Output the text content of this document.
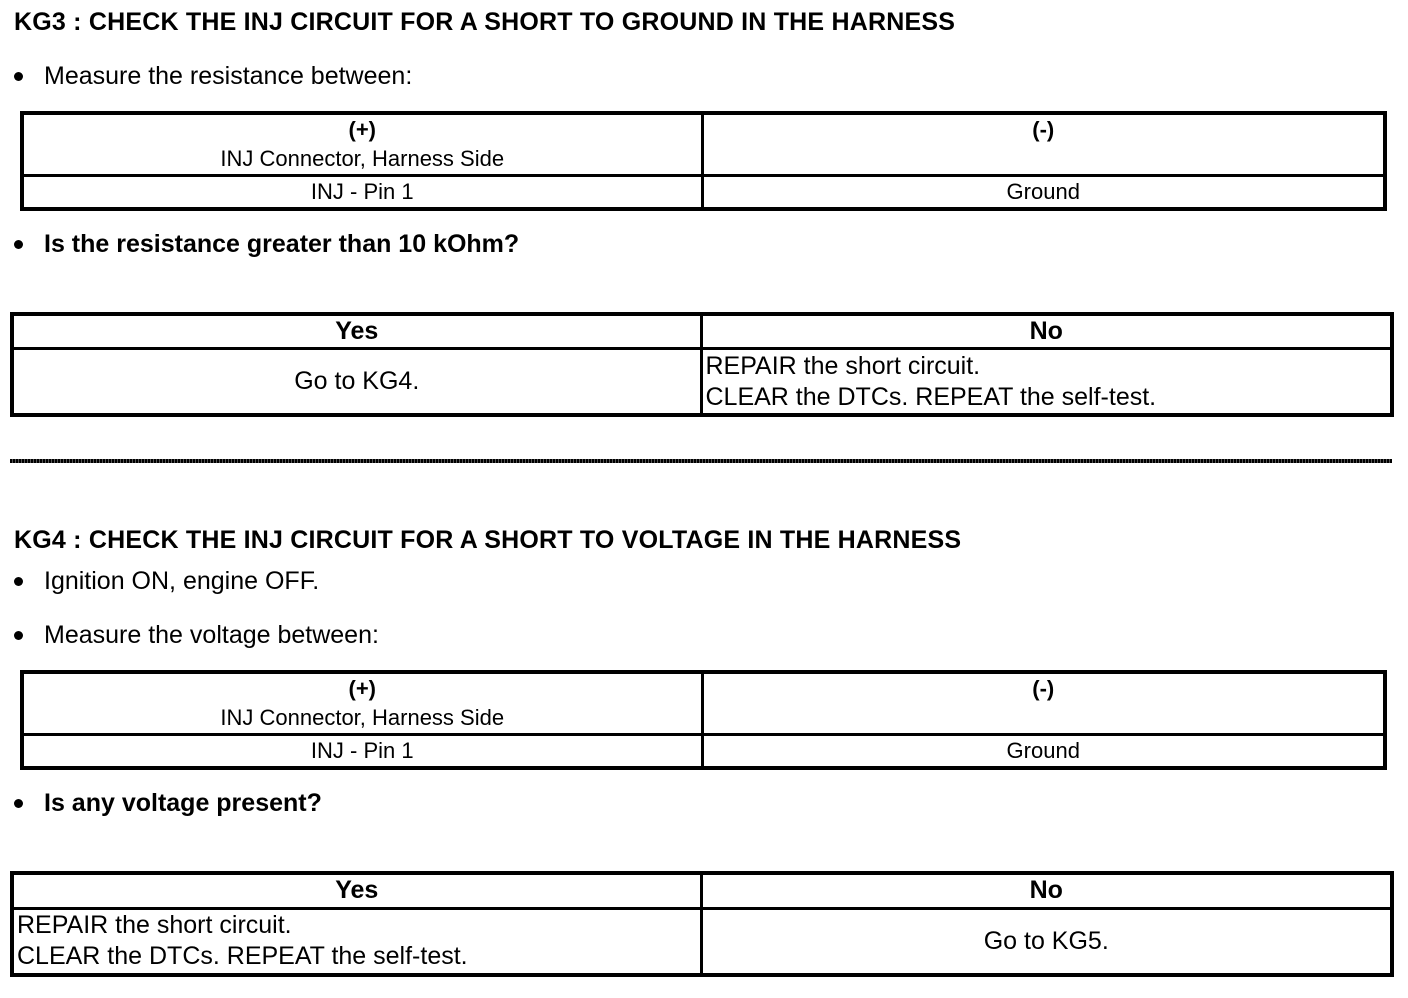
KG3 : CHECK THE INJ CIRCUIT FOR A SHORT TO GROUND IN THE HARNESS
Measure the resistance between:
(+)
INJ Connector, Harness Side	(-)

INJ - Pin 1	Ground
Is the resistance greater than 10 kOhm?
Yes	No
Go to KG4.	REPAIR the short circuit.
CLEAR the DTCs. REPEAT the self-test.
KG4 : CHECK THE INJ CIRCUIT FOR A SHORT TO VOLTAGE IN THE HARNESS
Ignition ON, engine OFF.
Measure the voltage between:
(+)
INJ Connector, Harness Side	(-)

INJ - Pin 1	Ground
Is any voltage present?
Yes	No

REPAIR the short circuit.
CLEAR the DTCs. REPEAT the self-test.	Go to KG5.
